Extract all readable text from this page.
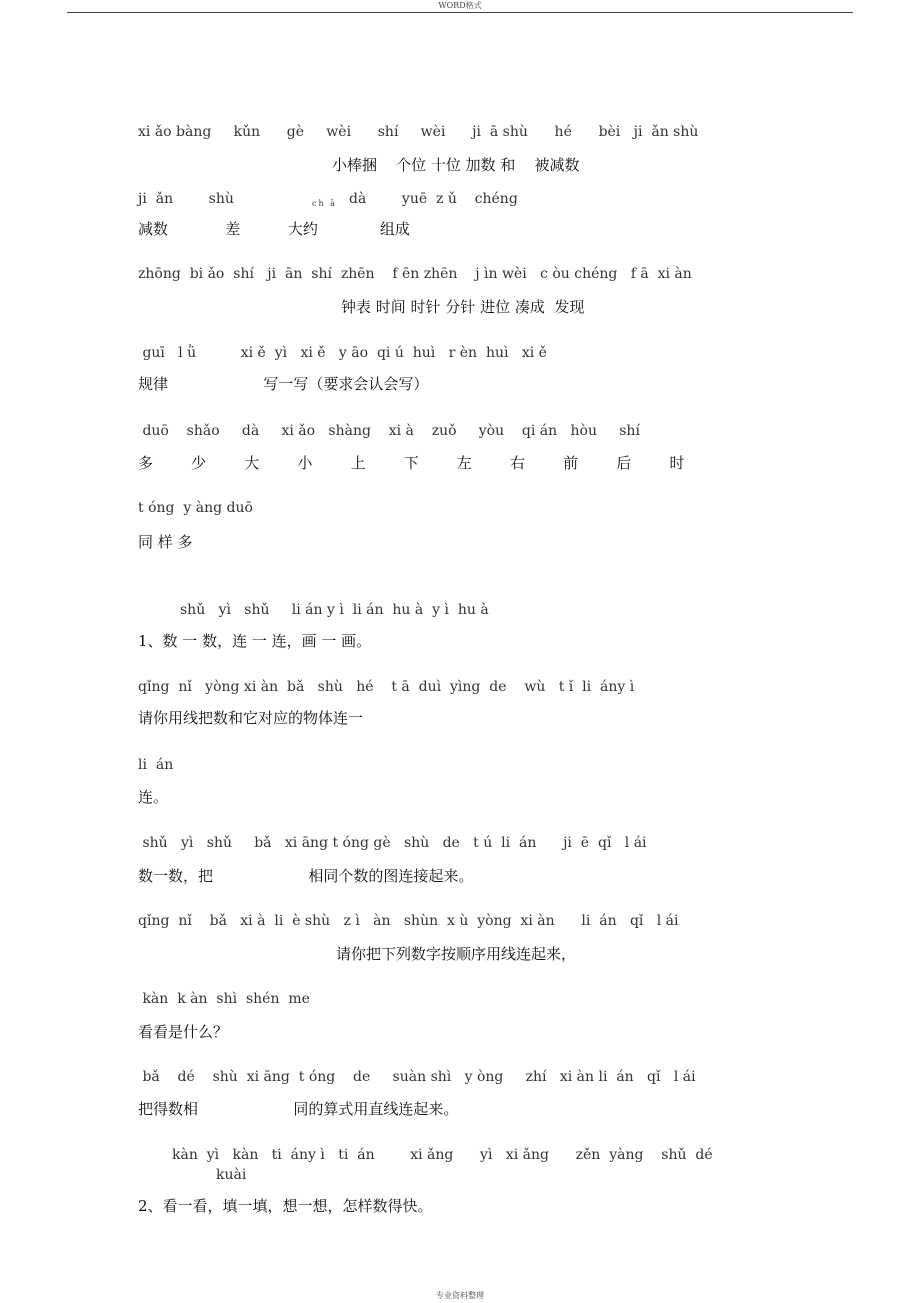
WORD格式
xi ǎo bàng     kǔn      gè     wèi      shí     wèi      ji  ā shù      hé      bèi   ji  ǎn shù
小棒捆    个位 十位 加数 和    被减数
ji  ǎn        shù	ch ā dà        yuē  z ǔ    chéng
减数            差          大约             组成
zhōng  bi ǎo  shí   ji  ān  shí  zhēn    f ēn zhēn    j ìn wèi   c òu chéng   f ā  xi àn
钟表 时间 时针 分针 进位 凑成  发现
guī   l ǜ          xi ě  yì   xi ě   y āo  qi ú  huì   r èn  huì   xi ě
规律                    写一写（要求会认会写）
duō    shǎo     dà     xi ǎo   shàng    xi à    zuǒ     yòu    qi án   hòu     shí
多        少        大        小        上        下        左        右        前        后        时
t óng  y àng duō
同 样 多
shǔ   yì   shǔ     li án y ì  li án  hu à  y ì  hu à
1、数 一 数，连 一 连，画 一 画。
qǐng  nǐ   yòng xi àn  bǎ   shù   hé    t ā  duì  yìng  de    wù   t ǐ  li  ány ì
请你用线把数和它对应的物体连一
li  án
连。
shǔ   yì   shǔ     bǎ   xi āng t óng gè   shù   de   t ú  li  án      ji  ē  qǐ   l ái
数一数，把                    相同个数的图连接起来。
qǐng  nǐ    bǎ   xi à  li  è shù   z ì   àn   shùn  x ù  yòng  xi àn      li  án   qǐ   l ái
请你把下列数字按顺序用线连起来，
kàn  k àn  shì  shén  me
看看是什么？
bǎ    dé    shù  xi āng  t óng    de     suàn shì   y òng     zhí   xi àn li  án   qǐ   l ái
把得数相                    同的算式用直线连起来。
kàn  yì   kàn   ti  ány ì   ti  án        xi ǎng      yì   xi ǎng      zěn  yàng    shǔ  dé
kuài
2、看一看，填一填，想一想，怎样数得快。
专业资料整理
